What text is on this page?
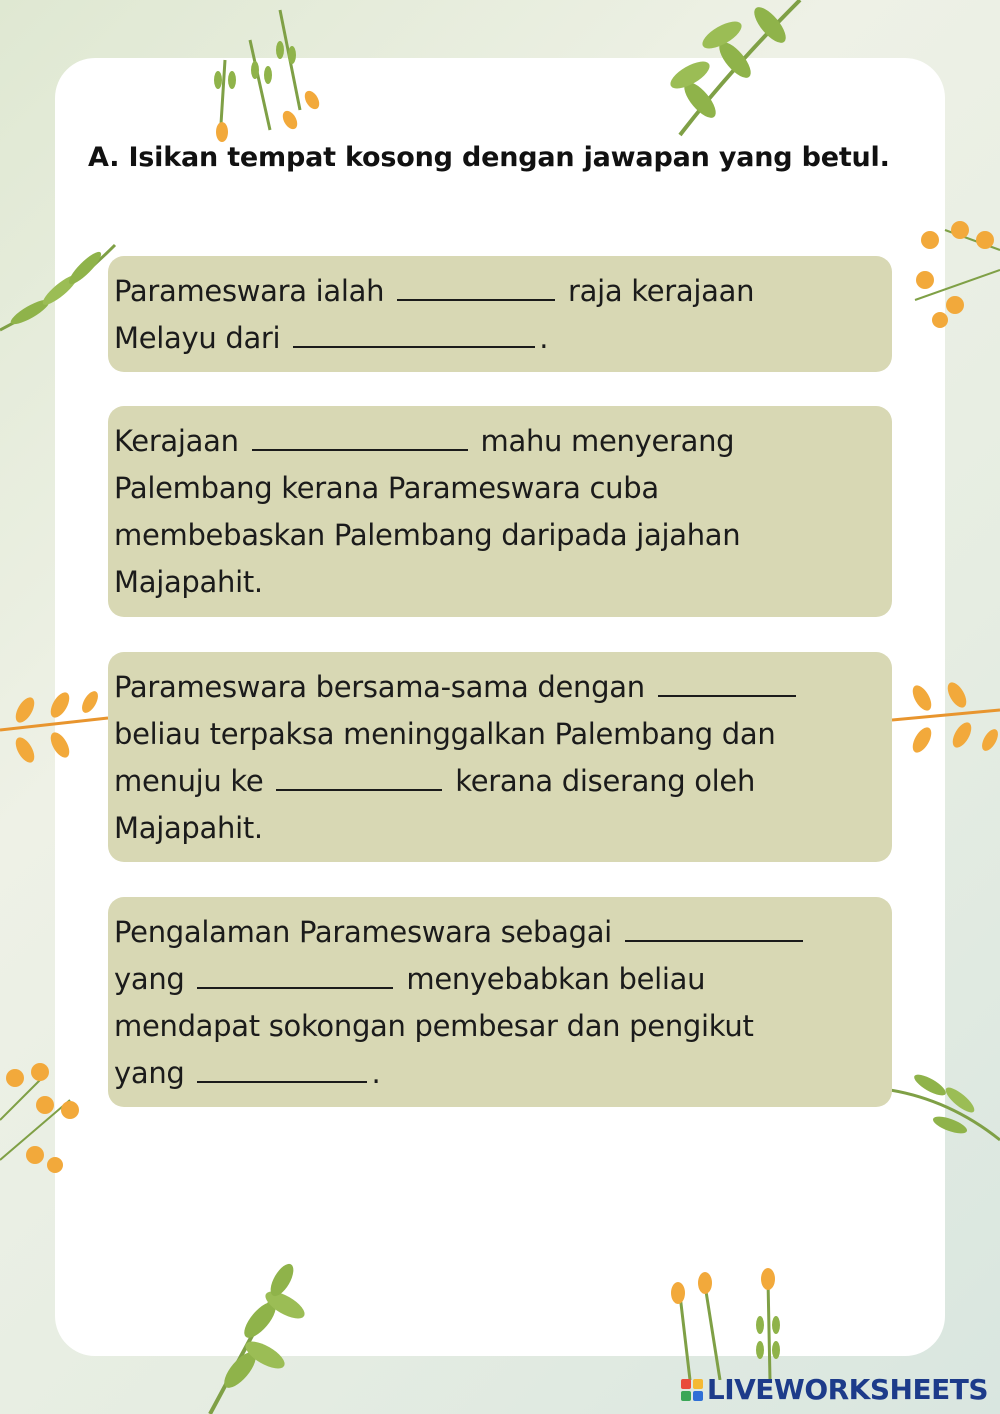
A. Isikan tempat kosong dengan jawapan yang betul.
Parameswara ialah	raja kerajaan
Melayu dari	.
Kerajaan	mahu menyerang
Palembang kerana Parameswara cuba
membebaskan Palembang daripada jajahan
Majapahit.
Parameswara bersama-sama dengan
beliau terpaksa meninggalkan Palembang dan
menuju ke	kerana diserang oleh
Majapahit.
Pengalaman Parameswara sebagai
yang	menyebabkan beliau
mendapat sokongan pembesar dan pengikut
yang	.
LIVEWORKSHEETS
